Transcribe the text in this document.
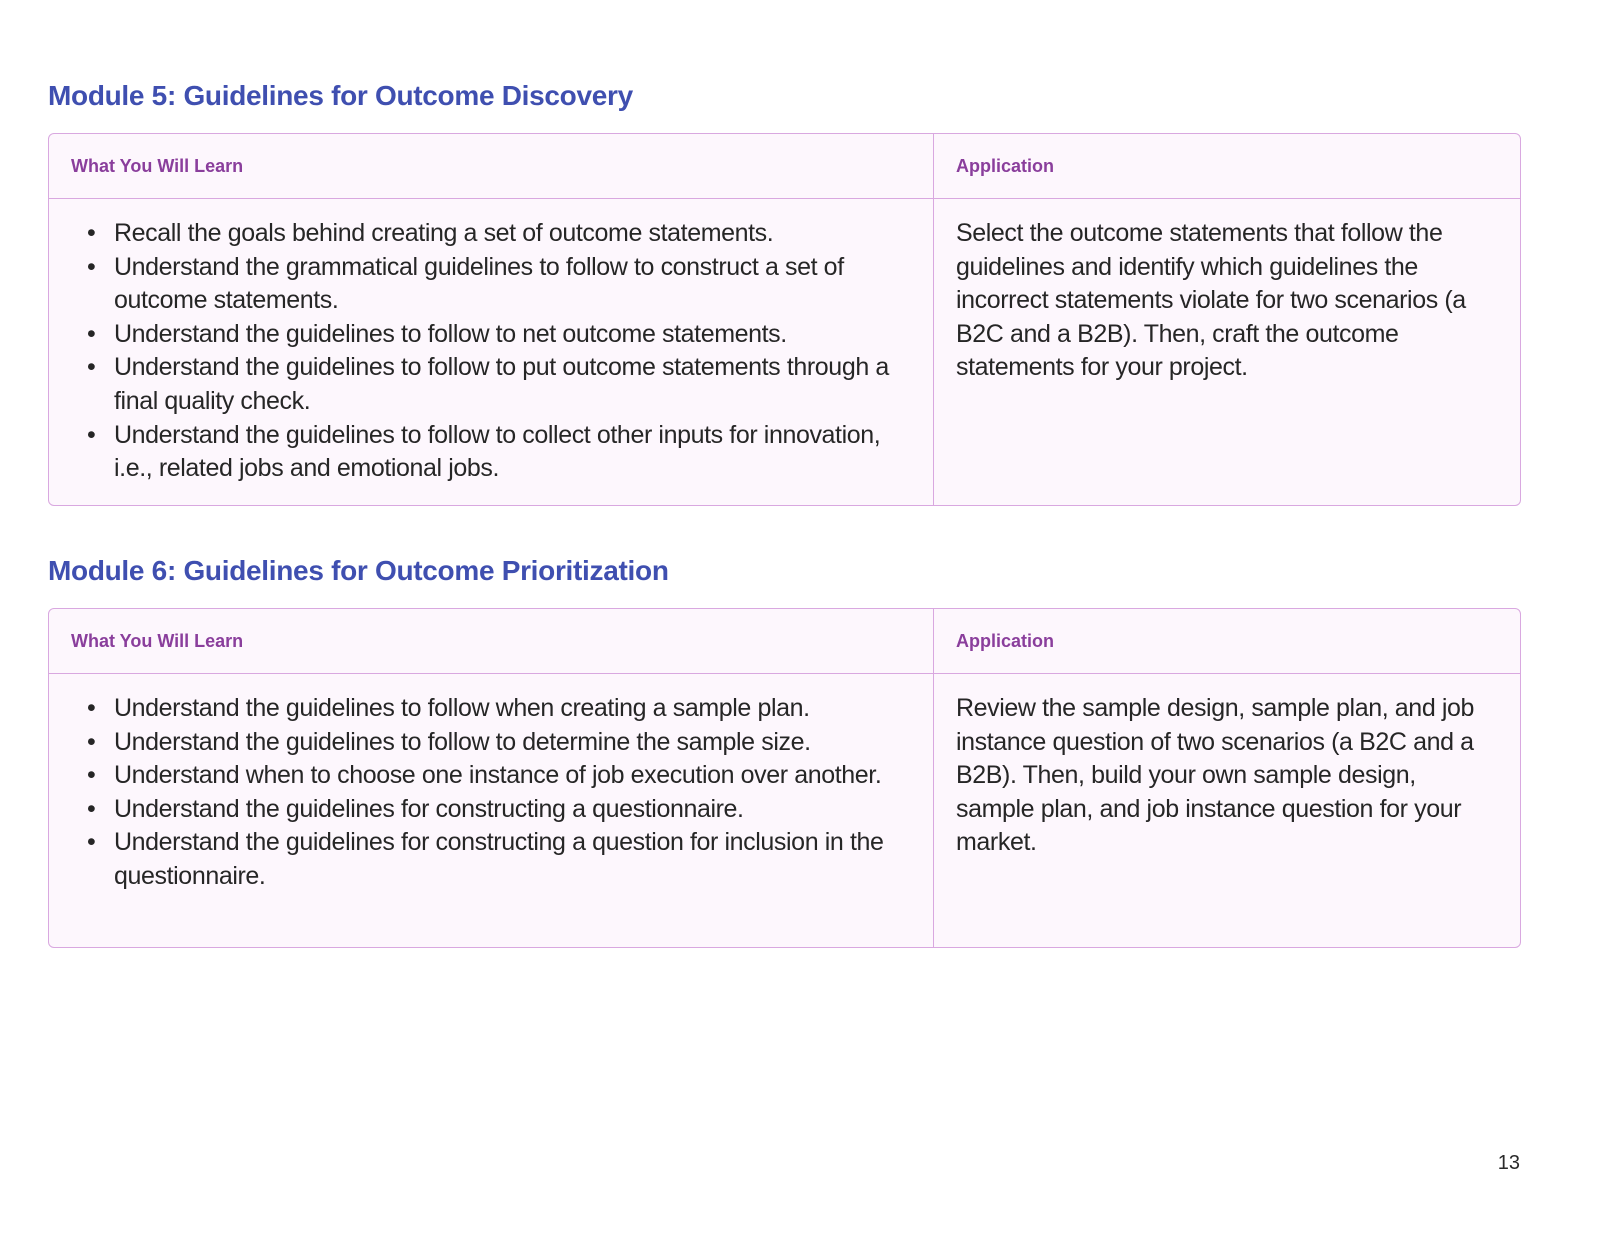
Module 5: Guidelines for Outcome Discovery
What You Will Learn	Application
• Recall the goals behind creating a set of outcome statements.
• Understand the grammatical guidelines to follow to construct a set of outcome statements.
• Understand the guidelines to follow to net outcome statements.
• Understand the guidelines to follow to put outcome statements through a final quality check.
• Understand the guidelines to follow to collect other inputs for innovation, i.e., related jobs and emotional jobs.

Select the outcome statements that follow the guidelines and identify which guidelines the incorrect statements violate for two scenarios (a B2C and a B2B). Then, craft the outcome statements for your project.

Module 6: Guidelines for Outcome Prioritization
What You Will Learn	Application
• Understand the guidelines to follow when creating a sample plan.
• Understand the guidelines to follow to determine the sample size.
• Understand when to choose one instance of job execution over another.
• Understand the guidelines for constructing a questionnaire.
• Understand the guidelines for constructing a question for inclusion in the questionnaire.

Review the sample design, sample plan, and job instance question of two scenarios (a B2C and a B2B). Then, build your own sample design, sample plan, and job instance question for your market.

13
